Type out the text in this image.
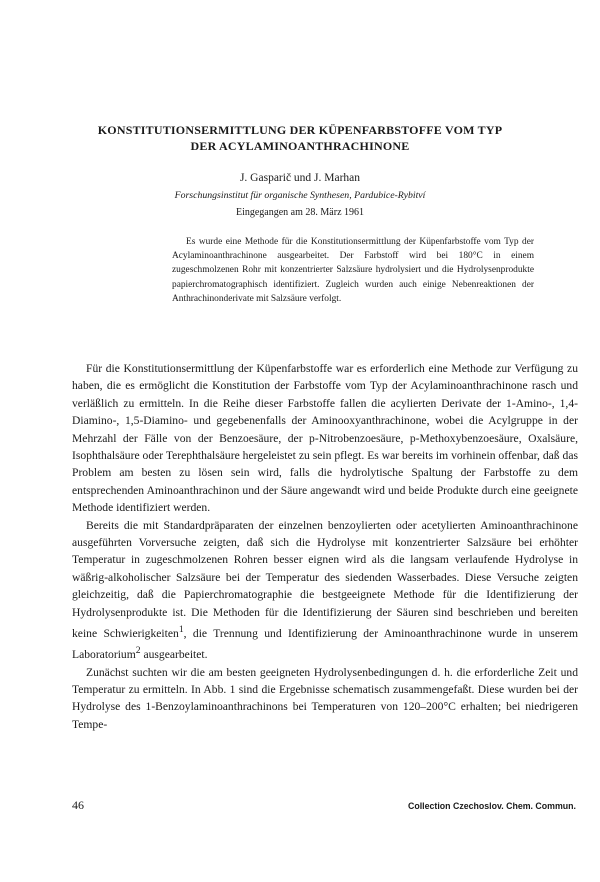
KONSTITUTIONSERMITTLUNG DER KÜPENFARBSTOFFE VOM TYP
DER ACYLAMINOANTHRACHINONE

J. Gasparič und J. Marhan

Forschungsinstitut für organische Synthesen, Pardubice-Rybitví

Eingegangen am 28. März 1961

Es wurde eine Methode für die Konstitutionsermittlung der Küpenfarbstoffe vom Typ der Acylaminoanthrachinone ausgearbeitet. Der Farbstoff wird bei 180°C in einem zugeschmolzenen Rohr mit konzentrierter Salzsäure hydrolysiert und die Hydrolysenprodukte papierchromatographisch identifiziert. Zugleich wurden auch einige Nebenreaktionen der Anthrachinonderivate mit Salzsäure verfolgt.

Für die Konstitutionsermittlung der Küpenfarbstoffe war es erforderlich eine Methode zur Verfügung zu haben, die es ermöglicht die Konstitution der Farbstoffe vom Typ der Acylaminoanthrachinone rasch und verläßlich zu ermitteln. In die Reihe dieser Farbstoffe fallen die acylierten Derivate der 1-Amino-, 1,4-Diamino-, 1,5-Diamino- und gegebenenfalls der Aminooxyanthrachinone, wobei die Acylgruppe in der Mehrzahl der Fälle von der Benzoesäure, der p-Nitrobenzoesäure, p-Methoxybenzoesäure, Oxalsäure, Isophthalsäure oder Terephthalsäure hergeleistet zu sein pflegt. Es war bereits im vorhinein offenbar, daß das Problem am besten zu lösen sein wird, falls die hydrolytische Spaltung der Farbstoffe zu dem entsprechenden Aminoanthrachinon und der Säure angewandt wird und beide Produkte durch eine geeignete Methode identifiziert werden.

Bereits die mit Standardpräparaten der einzelnen benzoylierten oder acetylierten Aminoanthrachinone ausgeführten Vorversuche zeigten, daß sich die Hydrolyse mit konzentrierter Salzsäure bei erhöhter Temperatur in zugeschmolzenen Rohren besser eignen wird als die langsam verlaufende Hydrolyse in wäßrig-alkoholischer Salzsäure bei der Temperatur des siedenden Wasserbades. Diese Versuche zeigten gleichzeitig, daß die Papierchromatographie die bestgeeignete Methode für die Identifizierung der Hydrolysenprodukte ist. Die Methoden für die Identifizierung der Säuren sind beschrieben und bereiten keine Schwierigkeiten$^1$, die Trennung und Identifizierung der Aminoanthrachinone wurde in unserem Laboratorium$^2$ ausgearbeitet.

Zunächst suchten wir die am besten geeigneten Hydrolysenbedingungen d. h. die erforderliche Zeit und Temperatur zu ermitteln. In Abb. 1 sind die Ergebnisse schematisch zusammengefaßt. Diese wurden bei der Hydrolyse des 1-Benzoylaminoanthrachinons bei Temperaturen von 120–200°C erhalten; bei niedrigeren Tempe-

46	Collection Czechoslov. Chem. Commun.
